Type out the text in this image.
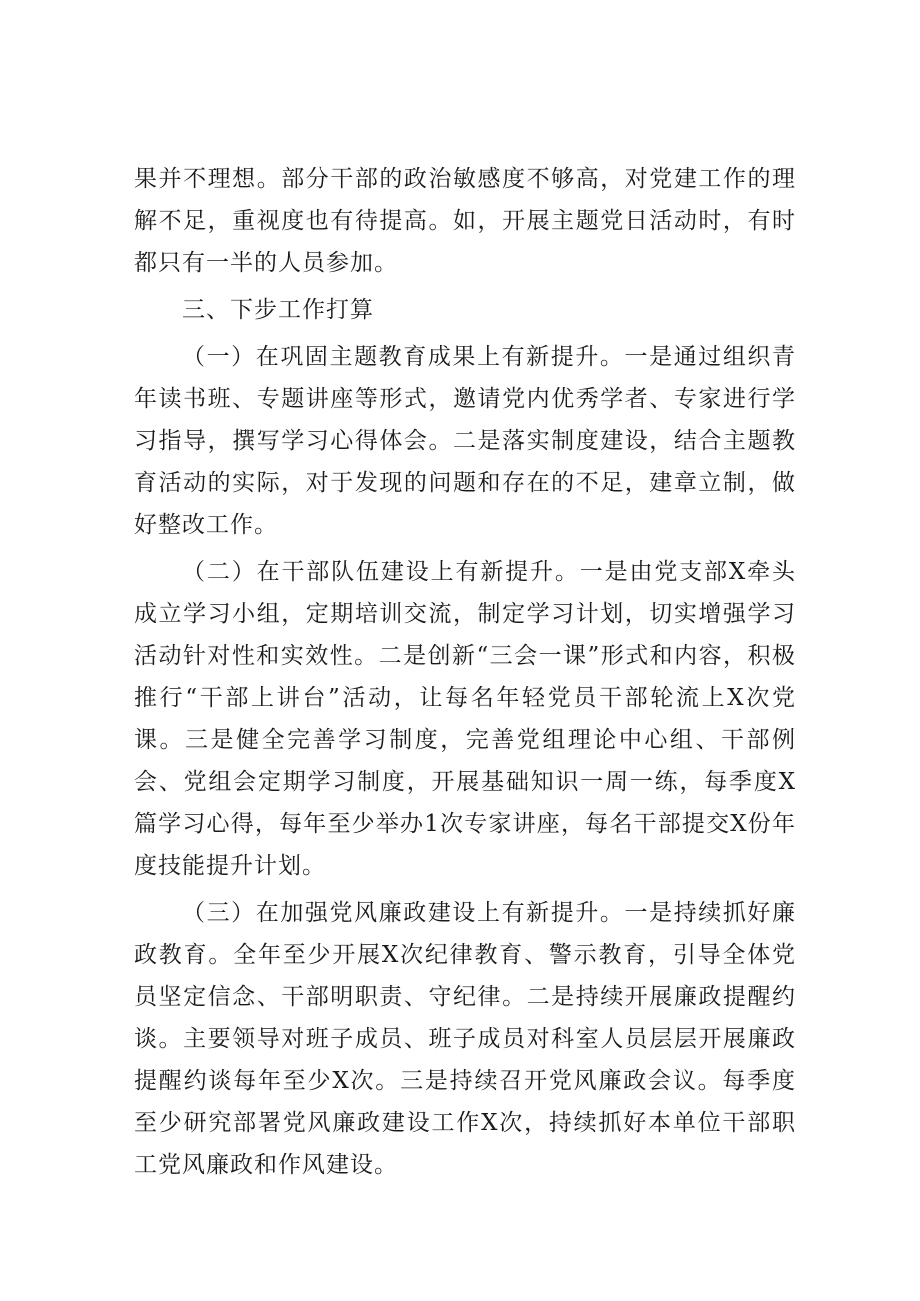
果并不理想。部分干部的政治敏感度不够高，对党建工作的理解不足，重视度也有待提高。如，开展主题党日活动时，有时都只有一半的人员参加。

三、下步工作打算

（一）在巩固主题教育成果上有新提升。一是通过组织青年读书班、专题讲座等形式，邀请党内优秀学者、专家进行学习指导，撰写学习心得体会。二是落实制度建设，结合主题教育活动的实际，对于发现的问题和存在的不足，建章立制，做好整改工作。

（二）在干部队伍建设上有新提升。一是由党支部X牵头成立学习小组，定期培训交流，制定学习计划，切实增强学习活动针对性和实效性。二是创新“三会一课”形式和内容，积极推行“干部上讲台”活动，让每名年轻党员干部轮流上X次党课。三是健全完善学习制度，完善党组理论中心组、干部例会、党组会定期学习制度，开展基础知识一周一练，每季度X篇学习心得，每年至少举办1次专家讲座，每名干部提交X份年度技能提升计划。

（三）在加强党风廉政建设上有新提升。一是持续抓好廉政教育。全年至少开展X次纪律教育、警示教育，引导全体党员坚定信念、干部明职责、守纪律。二是持续开展廉政提醒约谈。主要领导对班子成员、班子成员对科室人员层层开展廉政提醒约谈每年至少X次。三是持续召开党风廉政会议。每季度至少研究部署党风廉政建设工作X次，持续抓好本单位干部职工党风廉政和作风建设。
